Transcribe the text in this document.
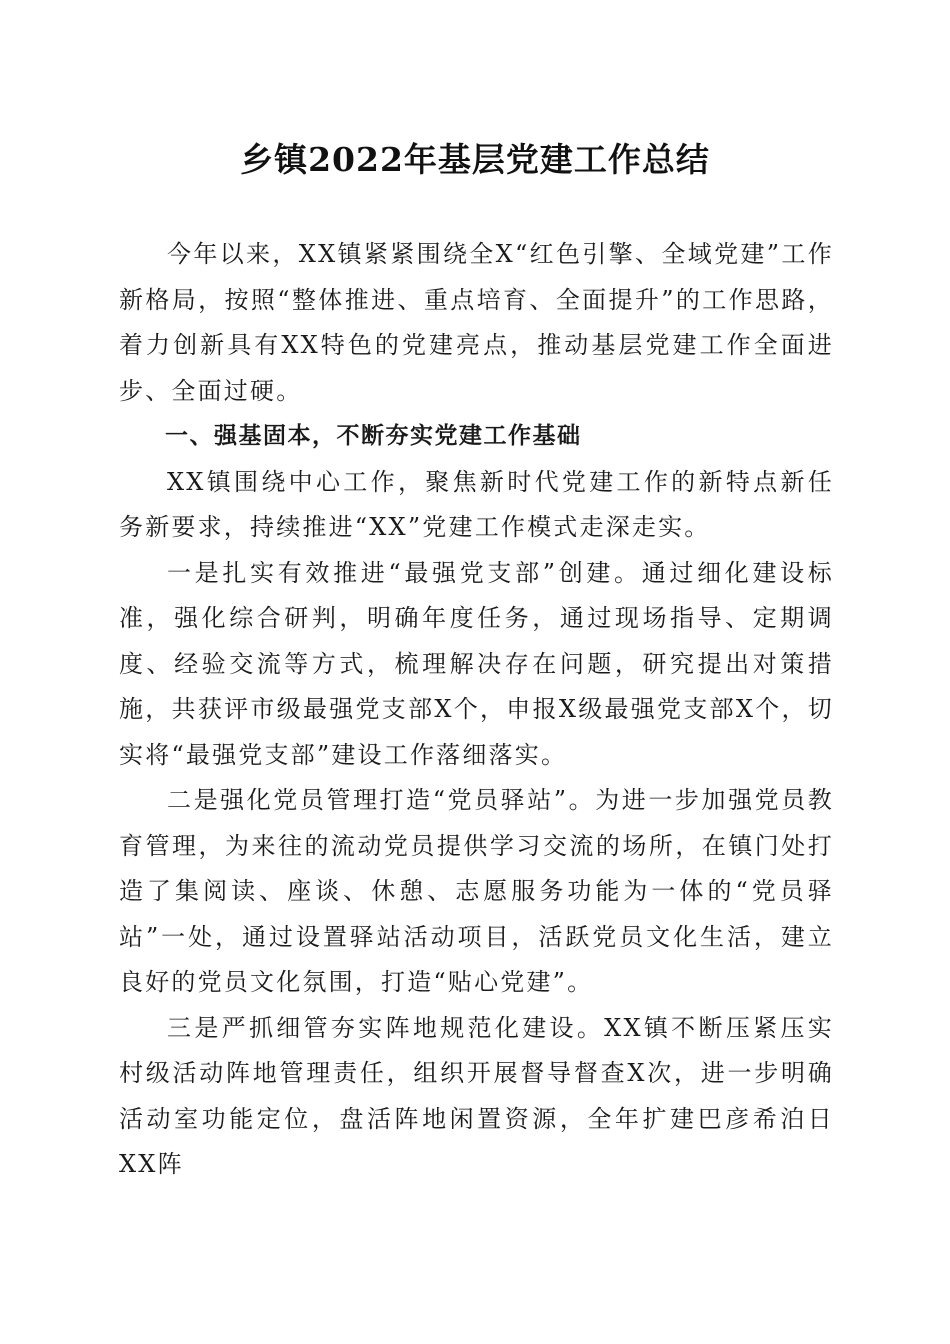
乡镇2022年基层党建工作总结

今年以来，XX镇紧紧围绕全X“红色引擎、全域党建”工作新格局，按照“整体推进、重点培育、全面提升”的工作思路，着力创新具有XX特色的党建亮点，推动基层党建工作全面进步、全面过硬。

一、强基固本，不断夯实党建工作基础

XX镇围绕中心工作，聚焦新时代党建工作的新特点新任务新要求，持续推进“XX”党建工作模式走深走实。

一是扎实有效推进“最强党支部”创建。通过细化建设标准，强化综合研判，明确年度任务，通过现场指导、定期调度、经验交流等方式，梳理解决存在问题，研究提出对策措施，共获评市级最强党支部X个，申报X级最强党支部X个，切实将“最强党支部”建设工作落细落实。

二是强化党员管理打造“党员驿站”。为进一步加强党员教育管理，为来往的流动党员提供学习交流的场所，在镇门处打造了集阅读、座谈、休憩、志愿服务功能为一体的“党员驿站”一处，通过设置驿站活动项目，活跃党员文化生活，建立良好的党员文化氛围，打造“贴心党建”。

三是严抓细管夯实阵地规范化建设。XX镇不断压紧压实村级活动阵地管理责任，组织开展督导督查X次，进一步明确活动室功能定位，盘活阵地闲置资源，全年扩建巴彦希泊日XX阵
